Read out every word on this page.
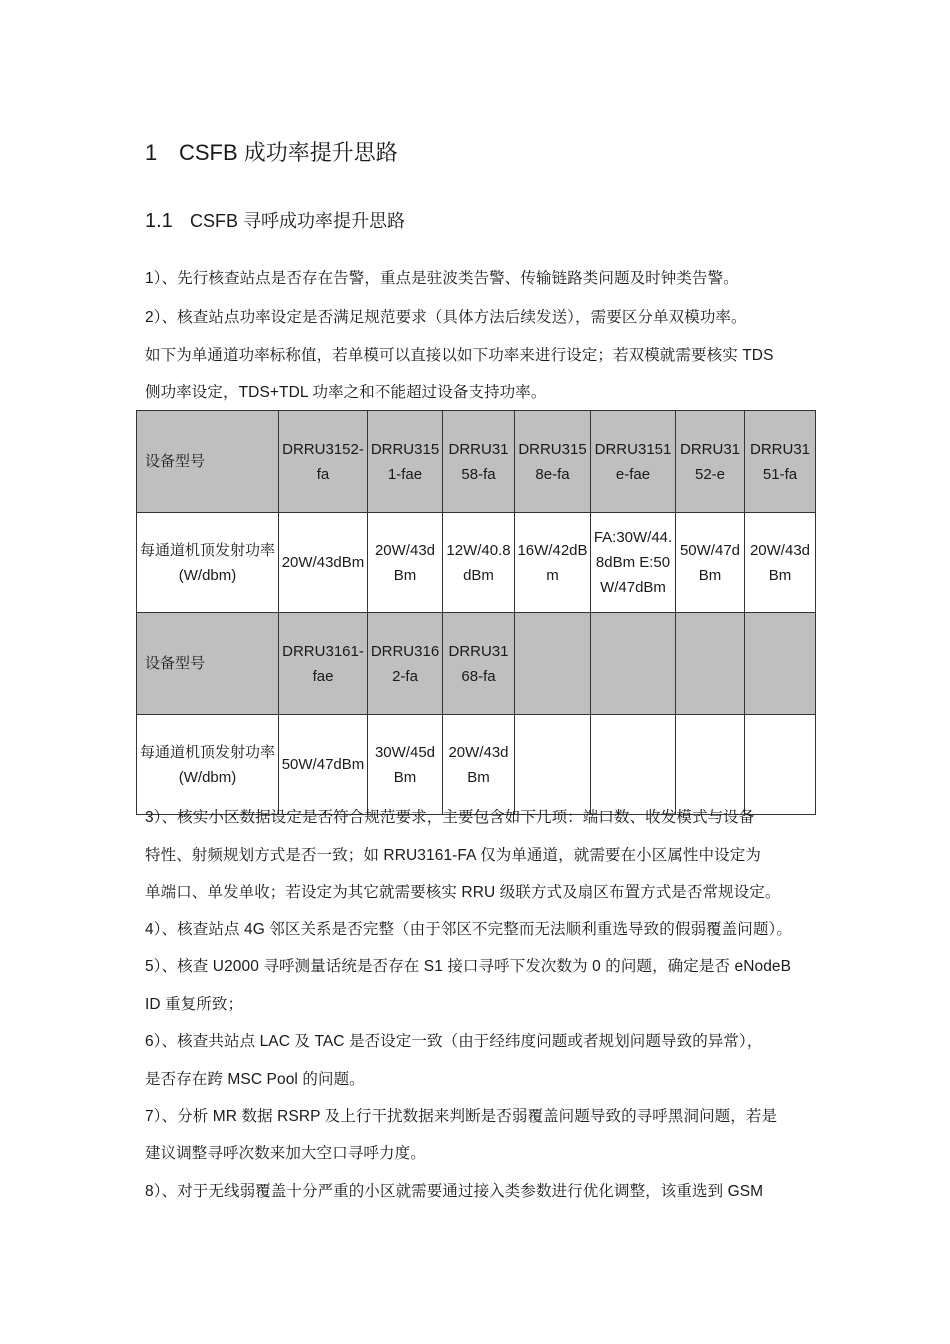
1 CSFB 成功率提升思路
1.1 CSFB 寻呼成功率提升思路
1）、先行核查站点是否存在告警，重点是驻波类告警、传输链路类问题及时钟类告警。
2）、核查站点功率设定是否满足规范要求（具体方法后续发送），需要区分单双模功率。
如下为单通道功率标称值，若单模可以直接以如下功率来进行设定；若双模就需要核实 TDS
侧功率设定，TDS+TDL 功率之和不能超过设备支持功率。
设备型号	DRRU3152-fa	DRRU3151-fae	DRRU3158-fa	DRRU3158e-fa	DRRU3151e-fae	DRRU3152-e	DRRU3151-fa
每通道机顶发射功率(W/dbm)	20W/43dBm	20W/43dBm	12W/40.8dBm	16W/42dBm	FA:30W/44.8dBm E:50W/47dBm	50W/47dBm	20W/43dBm
设备型号	DRRU3161-fae	DRRU3162-fa	DRRU3168-fa				
每通道机顶发射功率(W/dbm)	50W/47dBm	30W/45dBm	20W/43dBm				
3）、核实小区数据设定是否符合规范要求，主要包含如下几项：端口数、收发模式与设备
特性、射频规划方式是否一致；如 RRU3161-FA 仅为单通道，就需要在小区属性中设定为
单端口、单发单收；若设定为其它就需要核实 RRU 级联方式及扇区布置方式是否常规设定。
4）、核查站点 4G 邻区关系是否完整（由于邻区不完整而无法顺利重选导致的假弱覆盖问题）。
5）、核查 U2000 寻呼测量话统是否存在 S1 接口寻呼下发次数为 0 的问题，确定是否 eNodeB
ID 重复所致；
6）、核查共站点 LAC 及 TAC 是否设定一致（由于经纬度问题或者规划问题导致的异常），
是否存在跨 MSC Pool 的问题。
7）、分析 MR 数据 RSRP 及上行干扰数据来判断是否弱覆盖问题导致的寻呼黑洞问题，若是
建议调整寻呼次数来加大空口寻呼力度。
8）、对于无线弱覆盖十分严重的小区就需要通过接入类参数进行优化调整，该重选到 GSM
